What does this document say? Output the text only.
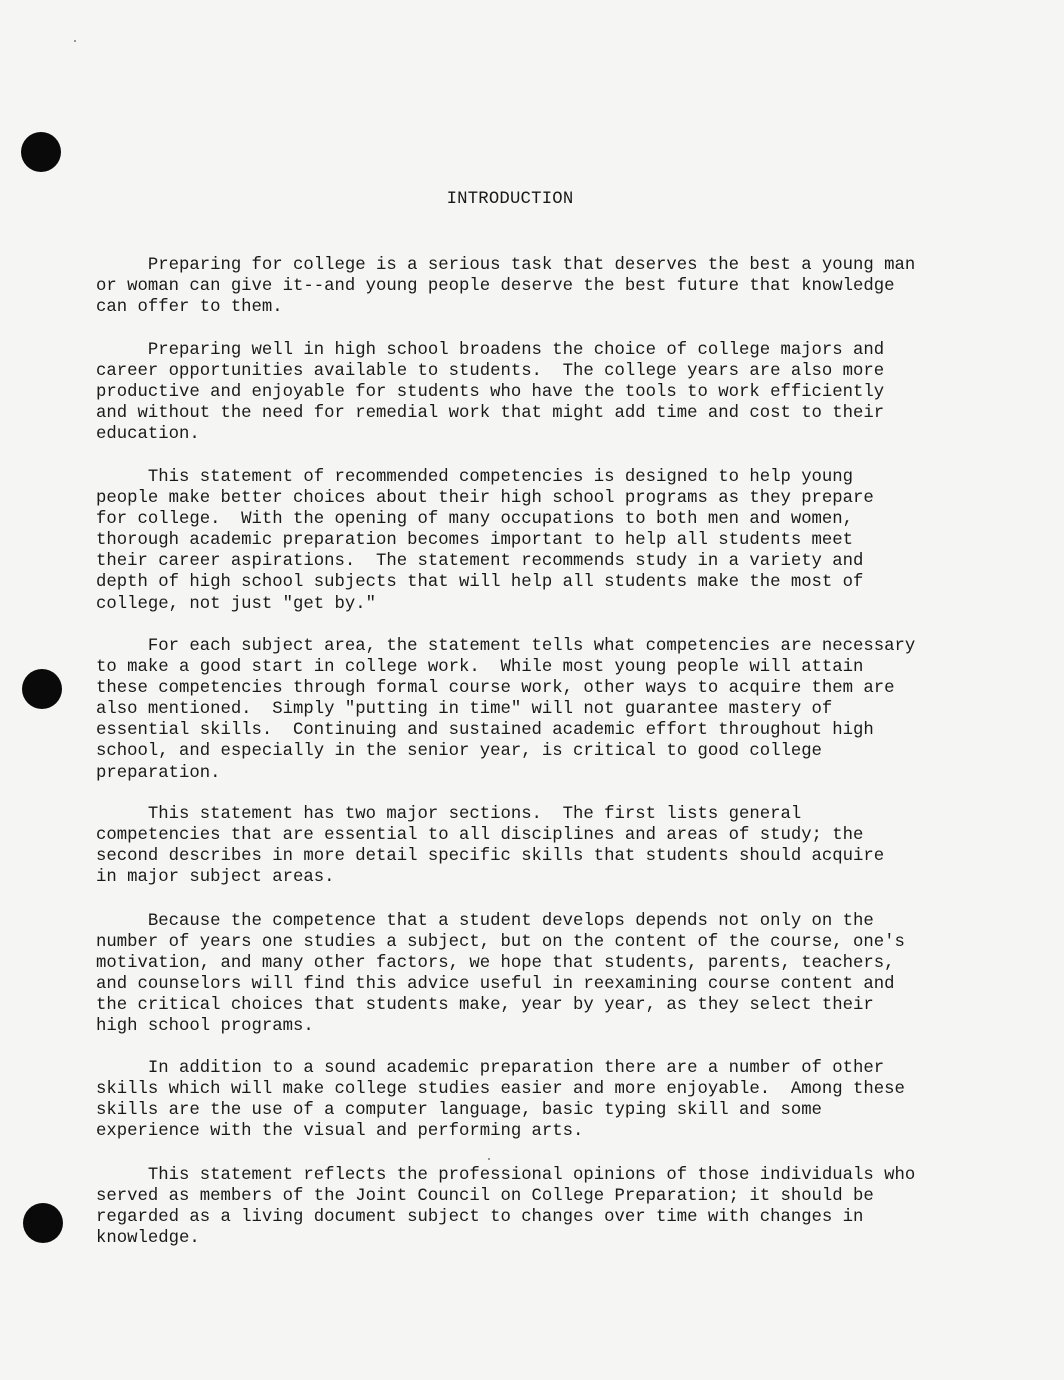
INTRODUCTION

Preparing for college is a serious task that deserves the best a young man
or woman can give it--and young people deserve the best future that knowledge
can offer to them.

Preparing well in high school broadens the choice of college majors and
career opportunities available to students.  The college years are also more
productive and enjoyable for students who have the tools to work efficiently
and without the need for remedial work that might add time and cost to their
education.

This statement of recommended competencies is designed to help young
people make better choices about their high school programs as they prepare
for college.  With the opening of many occupations to both men and women,
thorough academic preparation becomes important to help all students meet
their career aspirations.  The statement recommends study in a variety and
depth of high school subjects that will help all students make the most of
college, not just "get by."

For each subject area, the statement tells what competencies are necessary
to make a good start in college work.  While most young people will attain
these competencies through formal course work, other ways to acquire them are
also mentioned.  Simply "putting in time" will not guarantee mastery of
essential skills.  Continuing and sustained academic effort throughout high
school, and especially in the senior year, is critical to good college
preparation.

This statement has two major sections.  The first lists general
competencies that are essential to all disciplines and areas of study; the
second describes in more detail specific skills that students should acquire
in major subject areas.

Because the competence that a student develops depends not only on the
number of years one studies a subject, but on the content of the course, one's
motivation, and many other factors, we hope that students, parents, teachers,
and counselors will find this advice useful in reexamining course content and
the critical choices that students make, year by year, as they select their
high school programs.

In addition to a sound academic preparation there are a number of other
skills which will make college studies easier and more enjoyable.  Among these
skills are the use of a computer language, basic typing skill and some
experience with the visual and performing arts.

This statement reflects the professional opinions of those individuals who
served as members of the Joint Council on College Preparation; it should be
regarded as a living document subject to changes over time with changes in
knowledge.
